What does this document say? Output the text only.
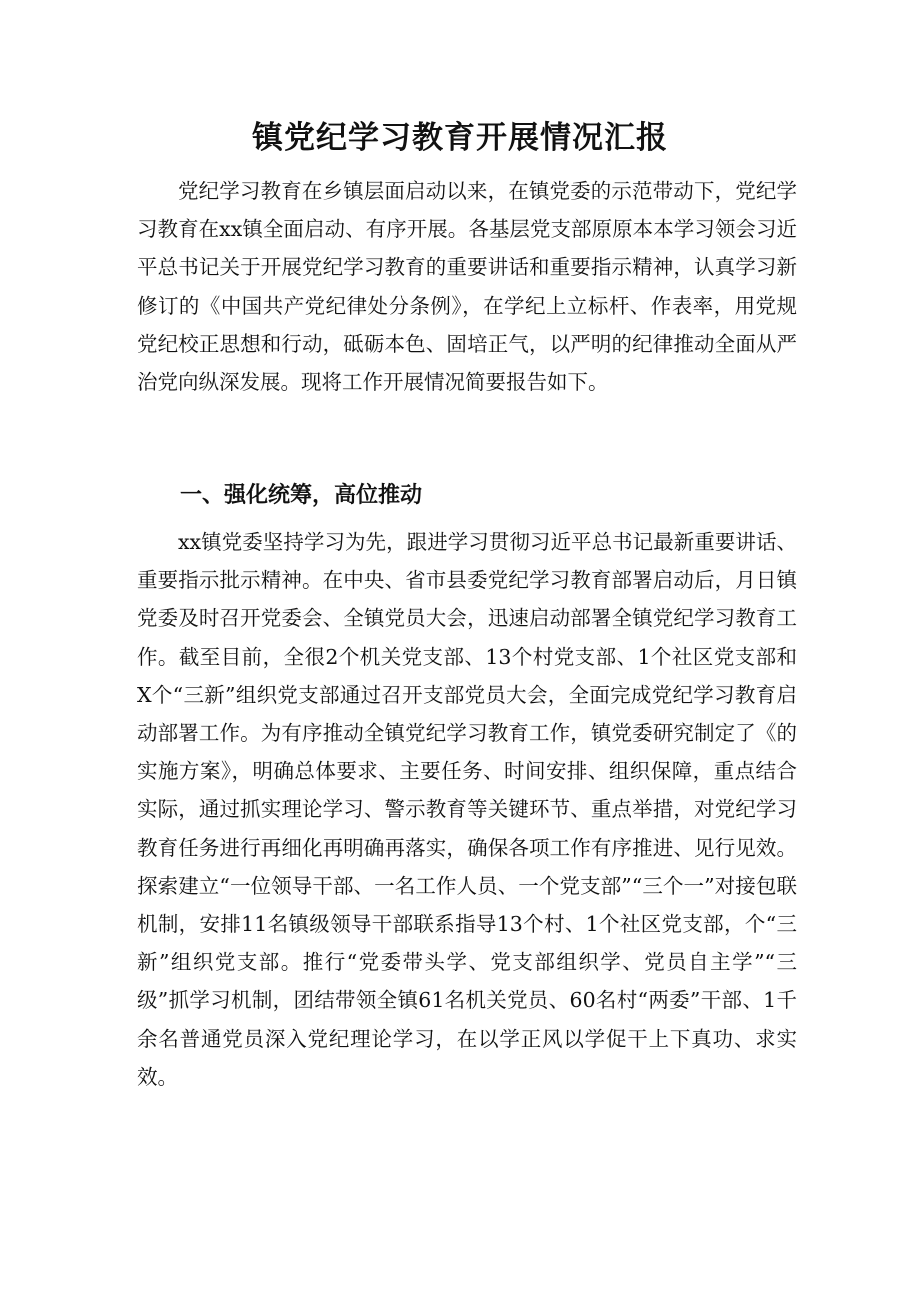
镇党纪学习教育开展情况汇报

党纪学习教育在乡镇层面启动以来，在镇党委的示范带动下，党纪学习教育在xx镇全面启动、有序开展。各基层党支部原原本本学习领会习近平总书记关于开展党纪学习教育的重要讲话和重要指示精神，认真学习新修订的《中国共产党纪律处分条例》，在学纪上立标杆、作表率，用党规党纪校正思想和行动，砥砺本色、固培正气，以严明的纪律推动全面从严治党向纵深发展。现将工作开展情况简要报告如下。

一、强化统筹，高位推动

xx镇党委坚持学习为先，跟进学习贯彻习近平总书记最新重要讲话、重要指示批示精神。在中央、省市县委党纪学习教育部署启动后，月日镇党委及时召开党委会、全镇党员大会，迅速启动部署全镇党纪学习教育工作。截至目前，全很2个机关党支部、13个村党支部、1个社区党支部和X个“三新”组织党支部通过召开支部党员大会，全面完成党纪学习教育启动部署工作。为有序推动全镇党纪学习教育工作，镇党委研究制定了《的实施方案》，明确总体要求、主要任务、时间安排、组织保障，重点结合实际，通过抓实理论学习、警示教育等关键环节、重点举措，对党纪学习教育任务进行再细化再明确再落实，确保各项工作有序推进、见行见效。探索建立“一位领导干部、一名工作人员、一个党支部”“三个一”对接包联机制，安排11名镇级领导干部联系指导13个村、1个社区党支部，个“三新”组织党支部。推行“党委带头学、党支部组织学、党员自主学”“三级”抓学习机制，团结带领全镇61名机关党员、60名村“两委”干部、1千余名普通党员深入党纪理论学习，在以学正风以学促干上下真功、求实效。
